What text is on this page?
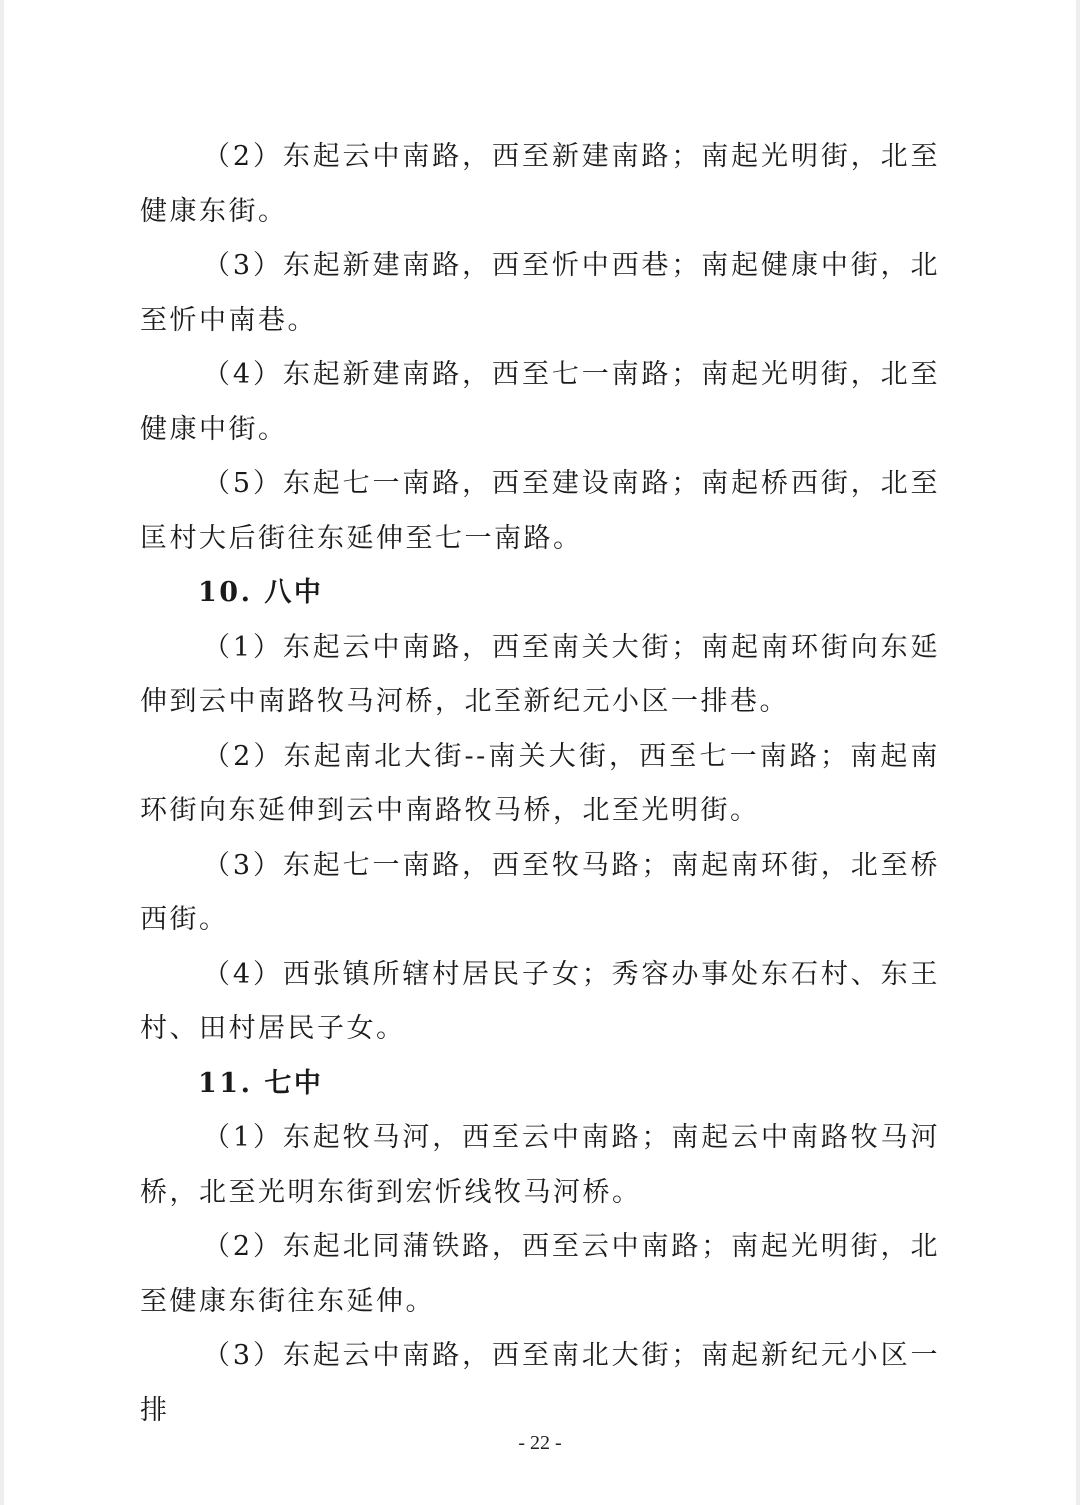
（2）东起云中南路，西至新建南路；南起光明街，北至健康东街。

（3）东起新建南路，西至忻中西巷；南起健康中街，北至忻中南巷。

（4）东起新建南路，西至七一南路；南起光明街，北至健康中街。

（5）东起七一南路，西至建设南路；南起桥西街，北至匡村大后街往东延伸至七一南路。

10. 八中

（1）东起云中南路，西至南关大街；南起南环街向东延伸到云中南路牧马河桥，北至新纪元小区一排巷。

（2）东起南北大街--南关大街，西至七一南路；南起南环街向东延伸到云中南路牧马桥，北至光明街。

（3）东起七一南路，西至牧马路；南起南环街，北至桥西街。

（4）西张镇所辖村居民子女；秀容办事处东石村、东王村、田村居民子女。

11. 七中

（1）东起牧马河，西至云中南路；南起云中南路牧马河桥，北至光明东街到宏忻线牧马河桥。

（2）东起北同蒲铁路，西至云中南路；南起光明街，北至健康东街往东延伸。

（3）东起云中南路，西至南北大街；南起新纪元小区一排

- 22 -
